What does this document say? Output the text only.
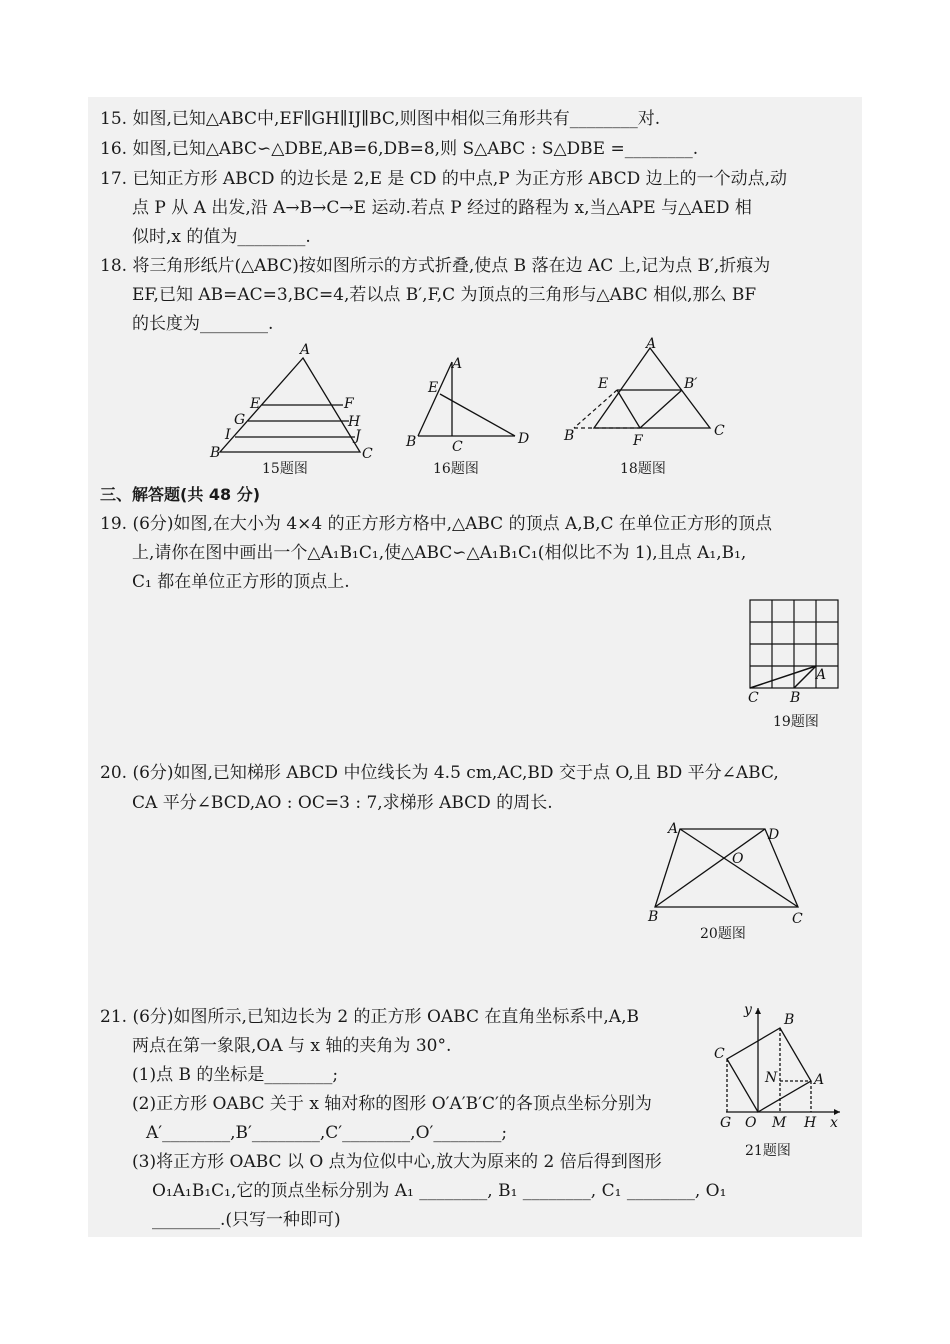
15. 如图,已知△ABC中,EF∥GH∥IJ∥BC,则图中相似三角形共有________对.
16. 如图,已知△ABC∽△DBE,AB=6,DB=8,则 S△ABC : S△DBE =________.
17. 已知正方形 ABCD 的边长是 2,E 是 CD 的中点,P 为正方形 ABCD 边上的一个动点,动
点 P 从 A 出发,沿 A→B→C→E 运动.若点 P 经过的路程为 x,当△APE 与△AED 相
似时,x 的值为________.
18. 将三角形纸片(△ABC)按如图所示的方式折叠,使点 B 落在边 AC 上,记为点 B′,折痕为
EF,已知 AB=AC=3,BC=4,若以点 B′,F,C 为顶点的三角形与△ABC 相似,那么 BF
的长度为________.
A
E	F
G	H
I	J
B	C
15题图
A
E
B	C	D
16题图
A
E	B′
B	F
C
18题图
三、解答题(共 48 分)
19. (6分)如图,在大小为 4×4 的正方形方格中,△ABC 的顶点 A,B,C 在单位正方形的顶点
上,请你在图中画出一个△A₁B₁C₁,使△ABC∽△A₁B₁C₁(相似比不为 1),且点 A₁,B₁,
C₁ 都在单位正方形的顶点上.
A
C B
19题图
20. (6分)如图,已知梯形 ABCD 中位线长为 4.5 cm,AC,BD 交于点 O,且 BD 平分∠ABC,
CA 平分∠BCD,AO : OC=3 : 7,求梯形 ABCD 的周长.
A	D
O
B	C
20题图
21. (6分)如图所示,已知边长为 2 的正方形 OABC 在直角坐标系中,A,B
两点在第一象限,OA 与 x 轴的夹角为 30°.
(1)点 B 的坐标是________;
(2)正方形 OABC 关于 x 轴对称的图形 O′A′B′C′的各顶点坐标分别为
A′________,B′________,C′________,O′________;
(3)将正方形 OABC 以 O 点为位似中心,放大为原来的 2 倍后得到图形
O₁A₁B₁C₁,它的顶点坐标分别为 A₁ ________, B₁ ________, C₁ ________, O₁
________.(只写一种即可)
y
B
C
N	A
G O M H x
21题图
